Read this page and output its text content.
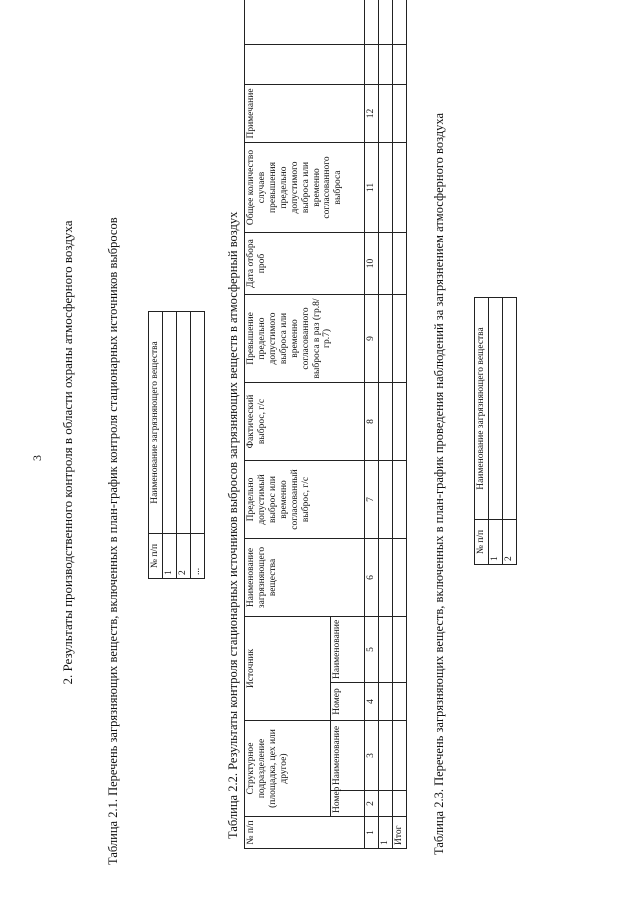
3 2. Результаты производственного контроля в области охраны атмосферного воздуха Таблица 2.1. Перечень загрязняющих веществ, включенных в план-график контроля стационарных источников выбросов	№ п/п	Наименование загрязняющего вещества
1	
2	
...	Таблица 2.2. Результаты контроля стационарных источников выбросов загрязняющих веществ в атмосферный воздух № п/п	Структурное подразделение (площадка, цех или другое)		Источник		Наименование загрязняющего вещества	Предельно допустимый выброс или временно согласованный выброс, г/с	Фактический выброс, г/с	Превышение предельно допустимого выброса или временно согласованного выброса в раз (гр.8/гр.7)	Дата отбора проб	Общее количество случаев превышения предельно допустимого выброса или временно согласованного выброса	Примечание		
	Номер	Наименование	Номер	Наименование									
1	2	3	4	5	6	7	8	9	10	11	12		
1													
Итог													Таблица 2.3. Перечень загрязняющих веществ, включенных в план-график проведения наблюдений за загрязнением атмосферного воздуха	№ п/п	Наименование загрязняющего вещества
1	
2	
